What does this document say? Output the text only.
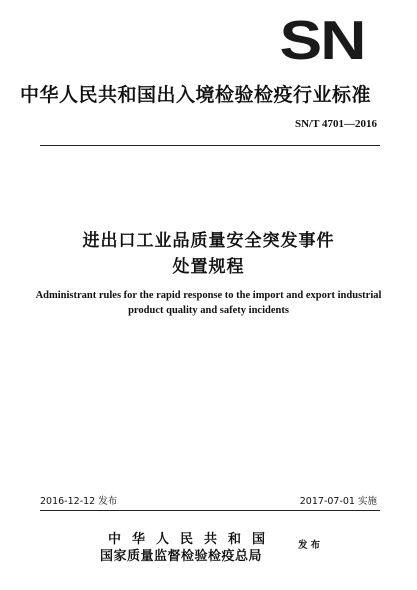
SN
中华人民共和国出入境检验检疫行业标准
SN/T 4701—2016
进出口工业品质量安全突发事件
处置规程
Administrant rules for the rapid response to the import and export industrial product quality and safety incidents
2016-12-12 发布	2017-07-01 实施
中华人民共和国
国家质量监督检验检疫总局
发布
